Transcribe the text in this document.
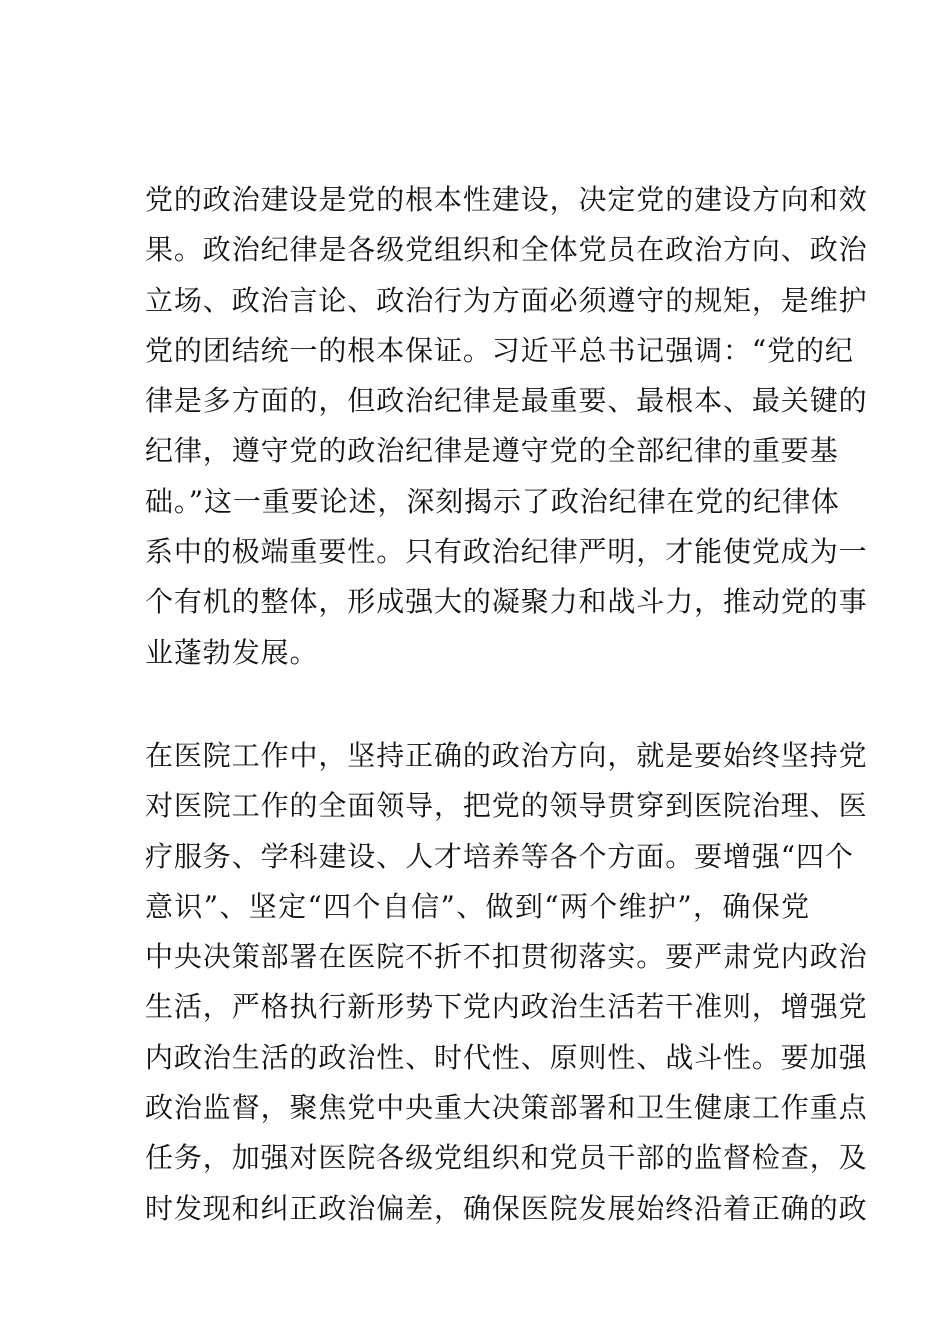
党的政治建设是党的根本性建设，决定党的建设方向和效
果。政治纪律是各级党组织和全体党员在政治方向、政治
立场、政治言论、政治行为方面必须遵守的规矩，是维护
党的团结统一的根本保证。习近平总书记强调：“党的纪
律是多方面的，但政治纪律是最重要、最根本、最关键的
纪律，遵守党的政治纪律是遵守党的全部纪律的重要基
础。”这一重要论述，深刻揭示了政治纪律在党的纪律体
系中的极端重要性。只有政治纪律严明，才能使党成为一
个有机的整体，形成强大的凝聚力和战斗力，推动党的事
业蓬勃发展。
在医院工作中，坚持正确的政治方向，就是要始终坚持党
对医院工作的全面领导，把党的领导贯穿到医院治理、医
疗服务、学科建设、人才培养等各个方面。要增强“四个
意识”、坚定“四个自信”、做到“两个维护”，确保党
中央决策部署在医院不折不扣贯彻落实。要严肃党内政治
生活，严格执行新形势下党内政治生活若干准则，增强党
内政治生活的政治性、时代性、原则性、战斗性。要加强
政治监督，聚焦党中央重大决策部署和卫生健康工作重点
任务，加强对医院各级党组织和党员干部的监督检查，及
时发现和纠正政治偏差，确保医院发展始终沿着正确的政
